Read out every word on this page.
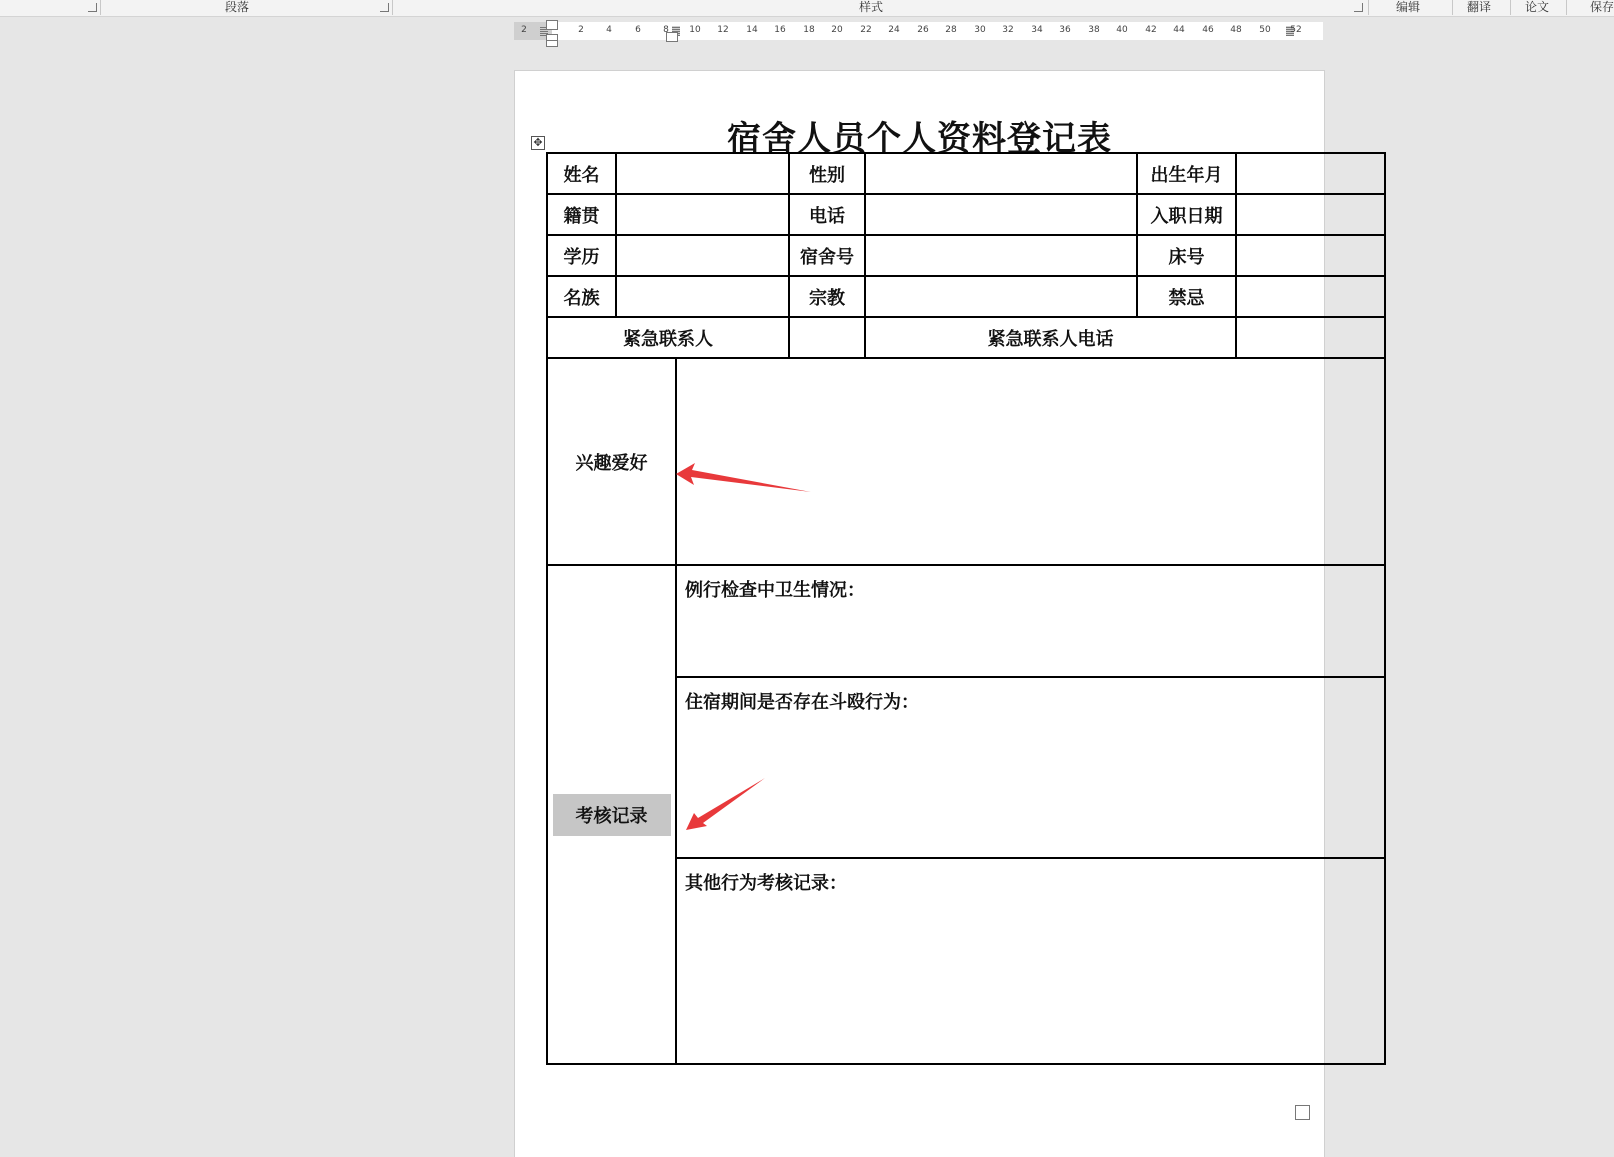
段落	样式	编辑	翻译	论文	保存
2	2 4	6 8 10 12 14 16 18 20 22 24 26 28 30 32 34 36 38 40 42 44 46 48 50 52
宿舍人员个人资料登记表
✥
姓名			性别		出生年月	
籍贯			电话		入职日期	
学历			宿舍号		床号	
名族			宗教		禁忌	
紧急联系人				紧急联系人电话		
兴趣爱好						
考核记录		例行检查中卫生情况：				
		住宿期间是否存在斗殴行为：				
		其他行为考核记录：				
